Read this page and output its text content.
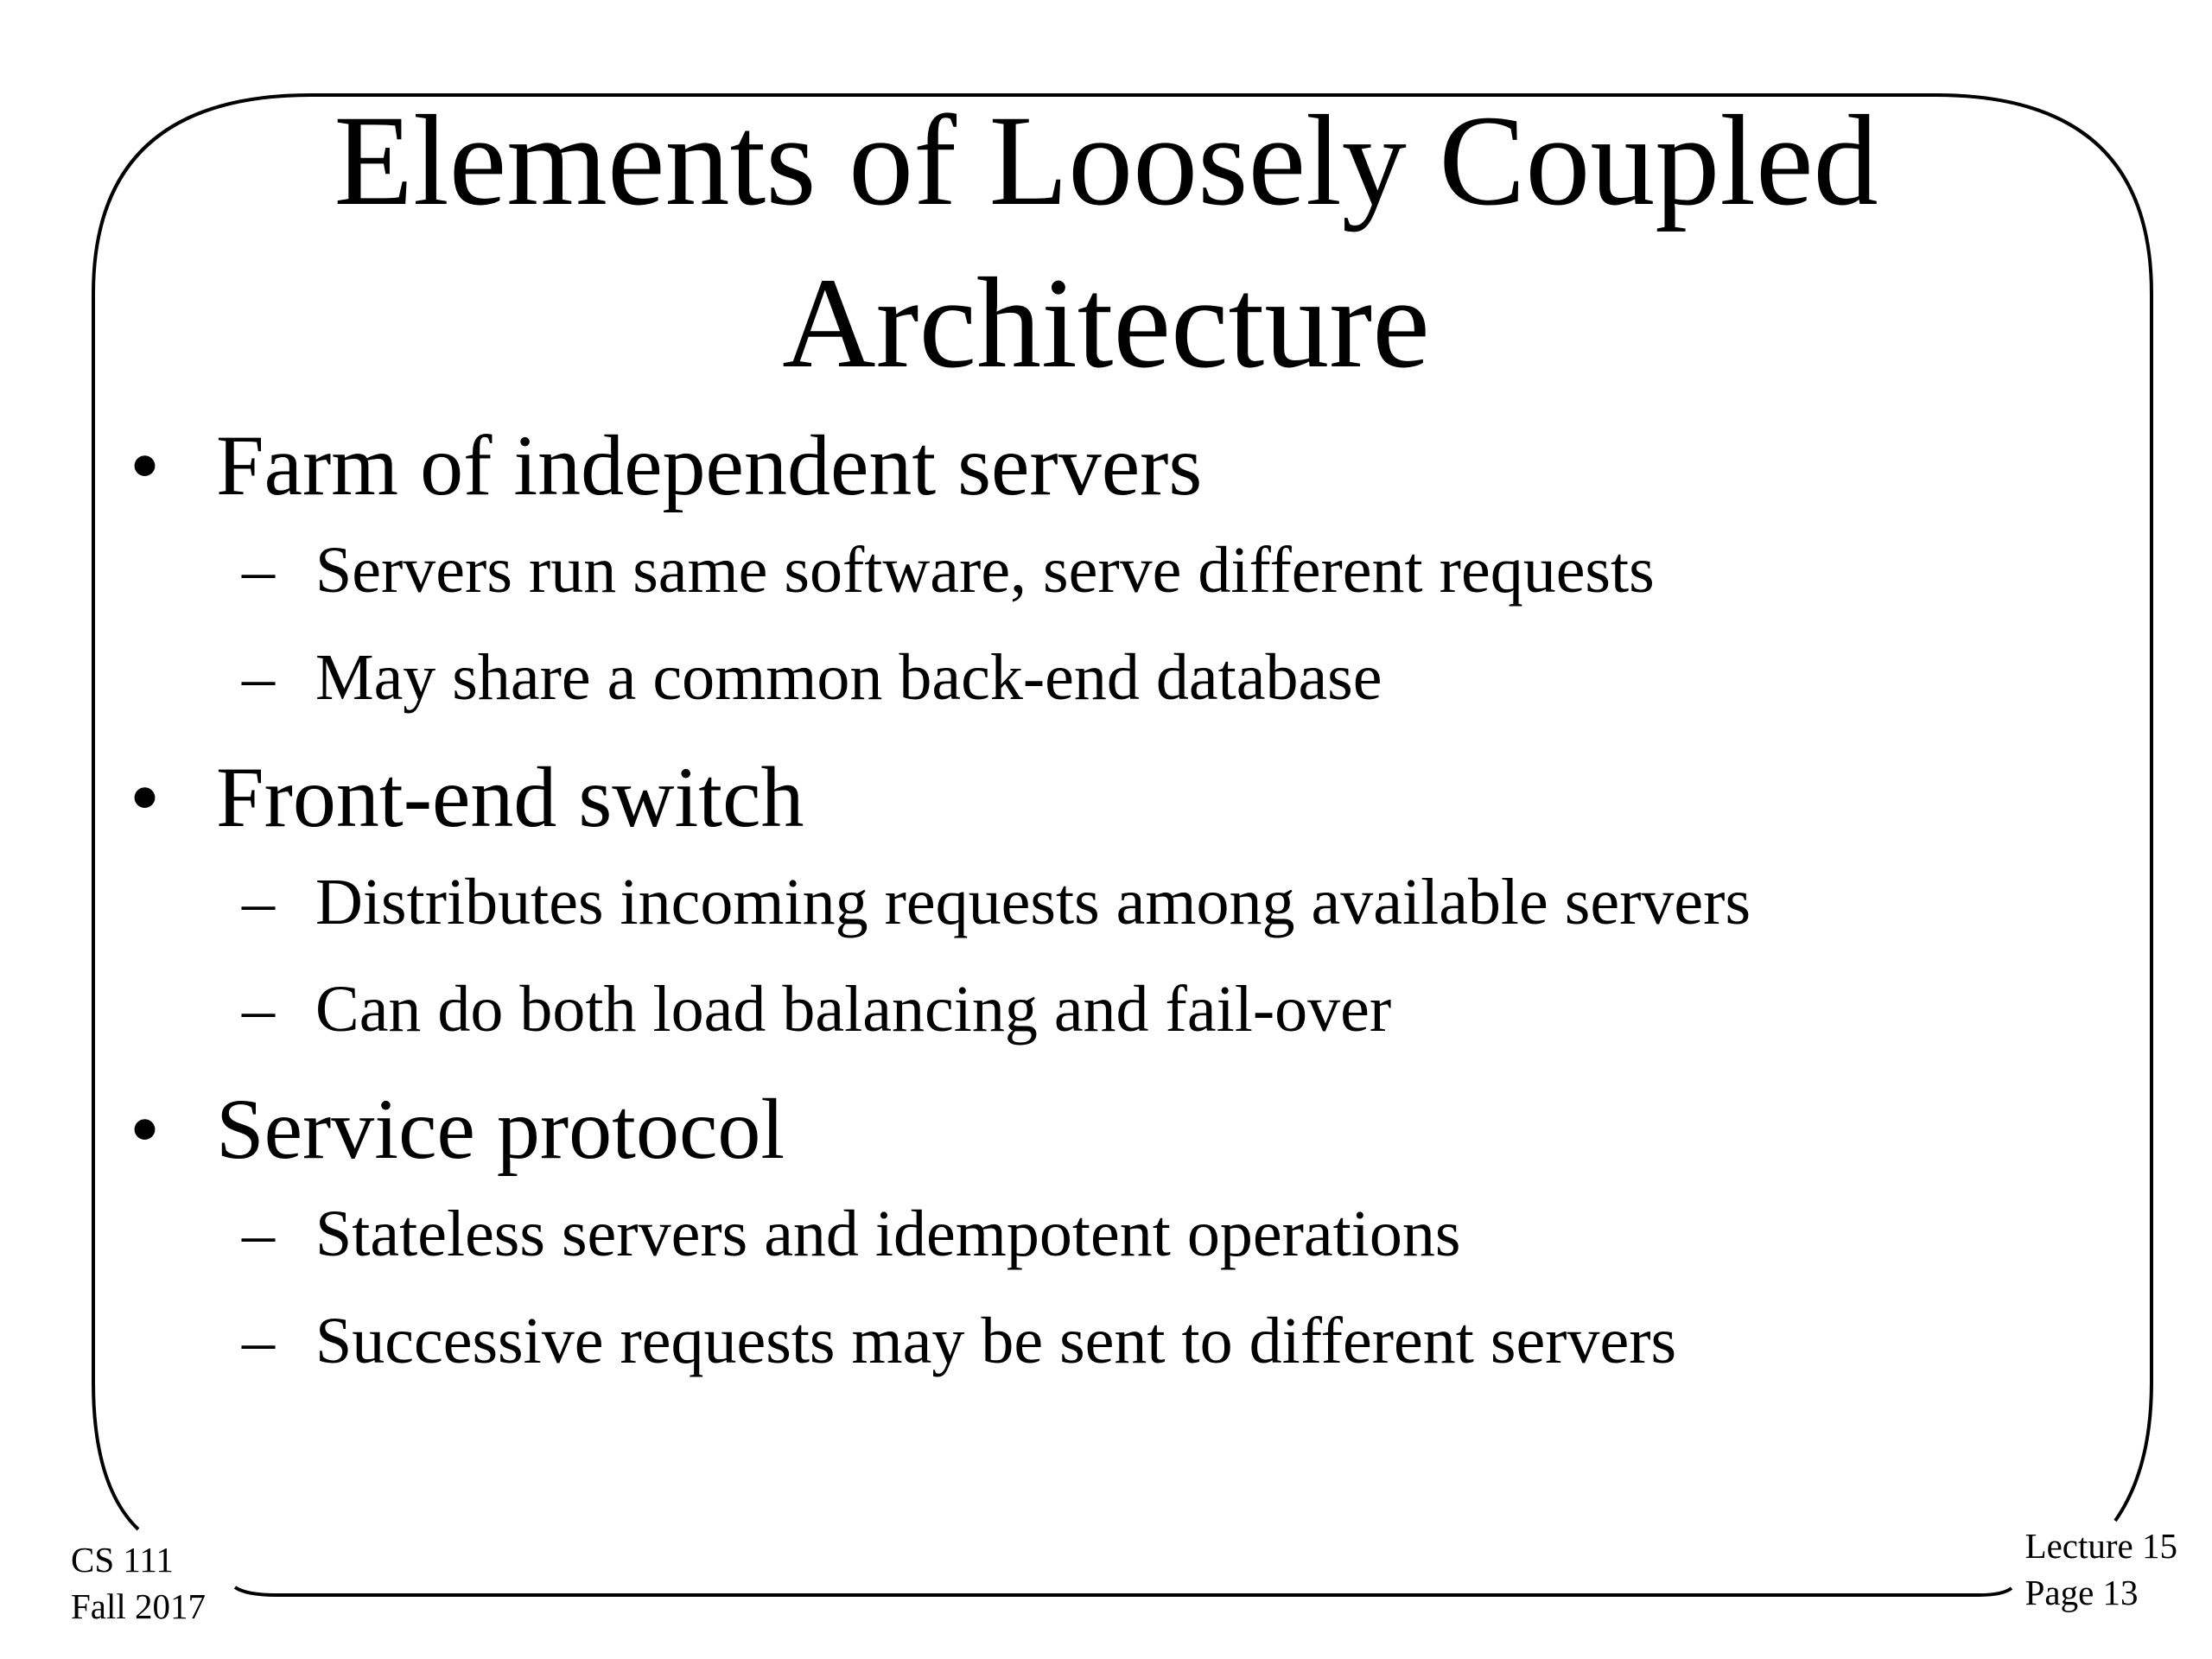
Elements of Loosely Coupled
Architecture
• Farm of independent servers
– Servers run same software, serve different requests
– May share a common back-end database
• Front-end switch
– Distributes incoming requests among available servers
– Can do both load balancing and fail-over
• Service protocol
– Stateless servers and idempotent operations
– Successive requests may be sent to different servers
CS 111
Fall 2017
Lecture 15
Page 13
